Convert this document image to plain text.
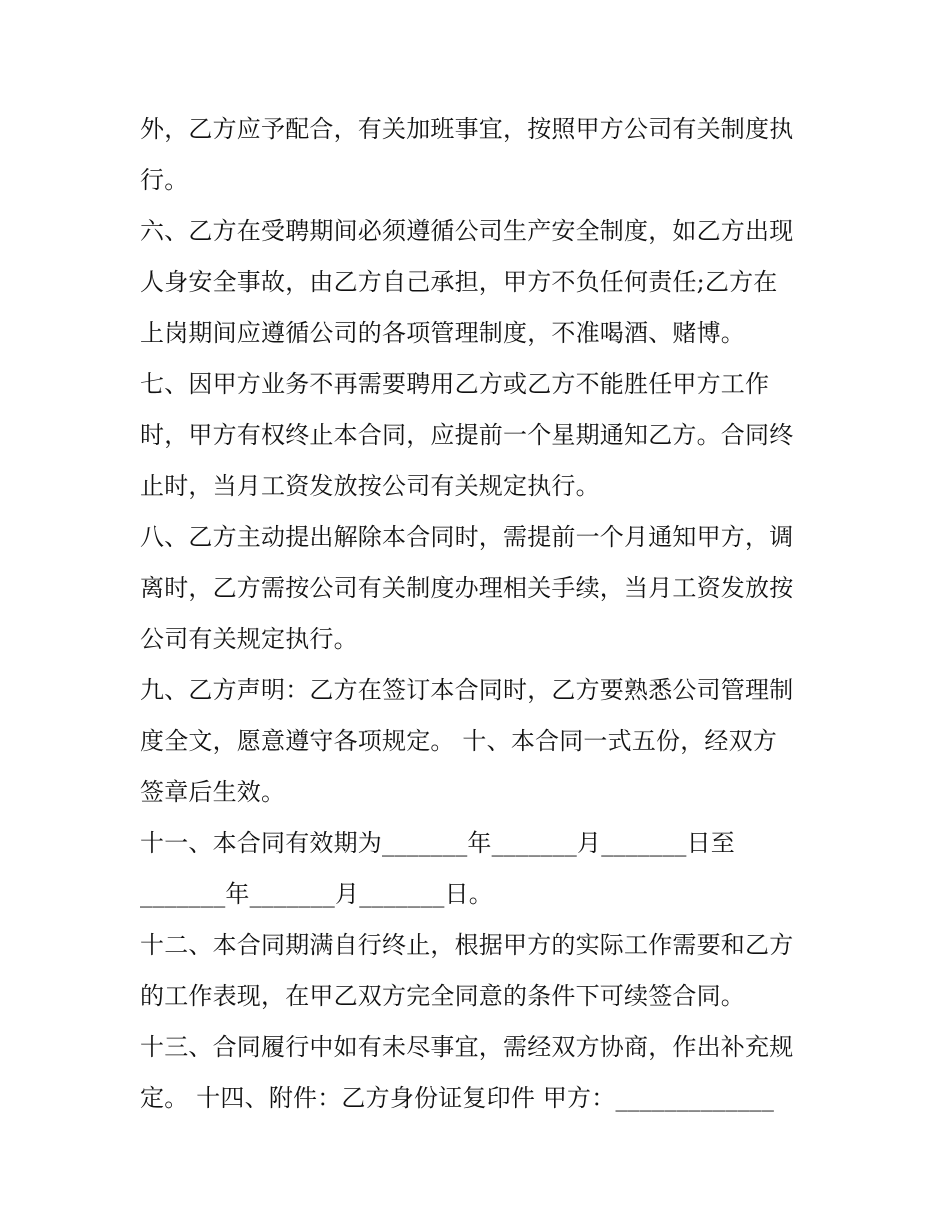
外，乙方应予配合，有关加班事宜，按照甲方公司有关制度执
行。
六、乙方在受聘期间必须遵循公司生产安全制度，如乙方出现
人身安全事故，由乙方自己承担，甲方不负任何责任;乙方在
上岗期间应遵循公司的各项管理制度，不准喝酒、赌博。
七、因甲方业务不再需要聘用乙方或乙方不能胜任甲方工作
时，甲方有权终止本合同，应提前一个星期通知乙方。合同终
止时，当月工资发放按公司有关规定执行。
八、乙方主动提出解除本合同时，需提前一个月通知甲方，调
离时，乙方需按公司有关制度办理相关手续，当月工资发放按
公司有关规定执行。
九、乙方声明：乙方在签订本合同时，乙方要熟悉公司管理制
度全文，愿意遵守各项规定。 十、本合同一式五份，经双方
签章后生效。
十一、本合同有效期为_______年_______月_______日至
_______年_______月_______日。
十二、本合同期满自行终止，根据甲方的实际工作需要和乙方
的工作表现，在甲乙双方完全同意的条件下可续签合同。
十三、合同履行中如有未尽事宜，需经双方协商，作出补充规
定。 十四、附件：乙方身份证复印件 甲方：_____________
